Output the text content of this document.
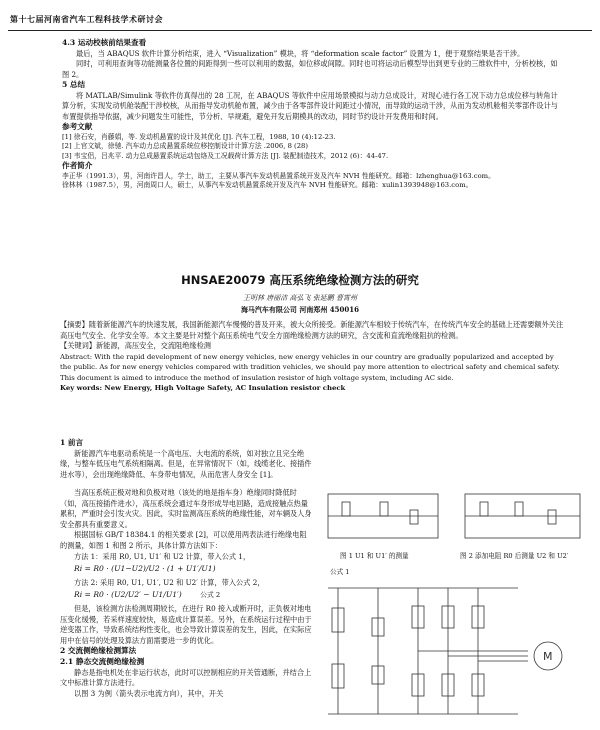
第十七届河南省汽车工程科技学术研讨会
4.3 运动校核前结果查看
最后，当 ABAQUS 软件计算分析结束，进入 “Visualization” 模块，将 “deformation scale factor” 设置为 1，便于观察结果是否干涉。
同时，可利用查询等功能测量各位置的间距得到一些可以利用的数据，如位移或间隙。同时也可将运动后模型导出到更专业的三维软件中，分析校核，如图 2。
5 总结
将 MATLAB/Simulink 等软件仿真得出的 28 工况，在 ABAQUS 等软件中应用场景模拟与动力总成设计，对现心进行各工况下动力总成位移与转角计算分析，实现发动机舱装配干涉校核，从而指导发动机舱布置，减少由于各零部件设计间距过小情况，而导致的运动干涉，从而为发动机舱相关零部件设计与布置提供指导依据，减少问题发生可能性，节分析、早规避，避免开发后期模具的改动，同时节约设计开发费用和时间。
参考文献
[1] 徐石安，肖藤娟，等. 发动机悬置的设计及其优化 [J]. 汽车工程，1988, 10 (4):12-23.
[2] 上官文斌，徐驰. 汽车动力总成悬置系统位移控制设计计算方法 .2006, 8 (28)
[3] 韦宝侣，吕兆平. 动力总成悬置系统运动包络及工况载荷计算方法 [J]. 装配制造技术，2012 (6)：44-47.
作者简介
李正华（1991.3），男，河南许昌人，学士，助工，主要从事汽车发动机悬置系统开发及汽车 NVH 性能研究。邮箱：lzhenghua@163.com。
徐林林（1987.5），男，河南周口人，硕士，从事汽车发动机悬置系统开发及汽车 NVH 性能研究。邮箱：xulin1393948@163.com。
HNSAE20079 高压系统绝缘检测方法的研究
王明林 唐丽洁 高弘飞 张延鹏 曹霄州
海马汽车有限公司 河南郑州 450016
【摘要】随着新能源汽车的快速发展，我国新能源汽车慢慢的普及开来，被大众所接受。新能源汽车相较于传统汽车，在传统汽车安全的基础上还需要额外关注高压电气安全、化学安全等。本文主要是针对整个高压系统电气安全方面绝缘检测方法的研究，含交流和直流绝缘阻抗的检测。
【关键词】新能源，高压安全，交流阻绝缘检测
Abstract: With the rapid development of new energy vehicles, new energy vehicles in our country are gradually popularized and accepted by the public. As for new energy vehicles compared with tradition vehicles, we should pay more attention to electrical safety and chemical safety. This document is aimed to introduce the method of insulation resistor of high voltage system, including AC side.
Key words: New Energy, High Voltage Safety, AC Insulation resistor check
1 前言
新能源汽车电驱动系统是一个高电压、大电流的系统，如对独立且完全绝缘，与整车低压电气系统相隔离。但是，在异常情况下（如，线缆老化、接插件进水等），会出现绝缘降低、车身带电情况，从而危害人身安全 [1]。
当高压系统正极对地和负极对地（该处的地是指车身）绝缘同时降低时（如，高压接插件进水），高压系统会通过车身形成导电回路，造成接触点热量累积，严重时会引发火灾。因此，实时监测高压系统的绝缘性能，对车辆及人身安全都具有重要意义。
根据国标 GB/T 18384.1 的相关要求 [2]，可以使用两表法进行绝缘电阻的测量，如图 1 和图 2 所示，具体计算方法如下：
方法 1：采用 R0, U1, U1′ 和 U2 计算，带入公式 1，
Ri = R0 · (U1−U2)/U2 · (1 + U1′/U1)
方法 2: 采用 R0, U1, U1′, U2 和 U2′ 计算，带入公式 2，
Ri = R0 · (U2/U2′ − U1/U1′)	公式 2
但是，该检测方法检测周期较长，在进行 R0 接入或断开时，正负极对地电压变化缓慢，若采样速度较快，易造成计算误差。另外，在系统运行过程中由于逆变器工作，导致系统结构性变化，也会导致计算误差的发生，因此，在实际应用中在信号的处理及算法方面需要进一步的优化。
2 交流侧绝缘检测算法
2.1 静态交流侧绝缘检测
静态是指电机处在非运行状态，此时可以控制相应的开关管通断，并结合上文中标准计算方法进行。
以图 3 为例（箭头表示电流方向），其中，开关
图 1 U1 和 U1′ 的测量	图 2 添加电阻 R0 后测量 U2 和 U2′
公式 1
M
